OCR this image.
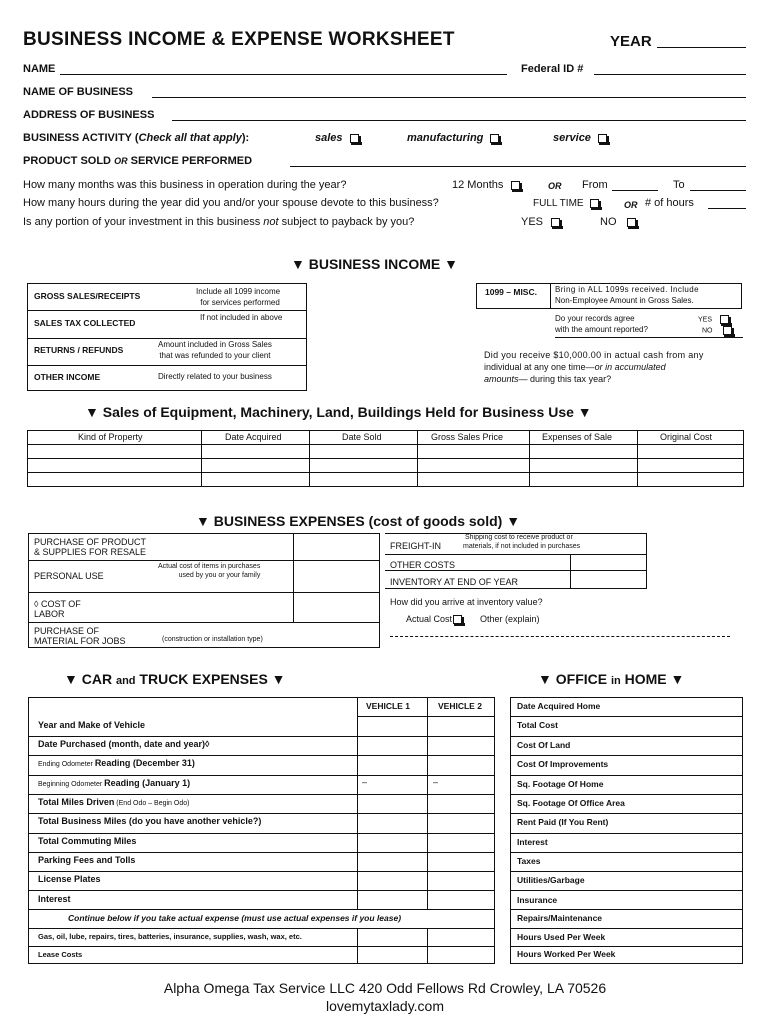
BUSINESS INCOME & EXPENSE WORKSHEET	YEAR
NAME	Federal ID #
NAME OF BUSINESS
ADDRESS OF BUSINESS
BUSINESS ACTIVITY (Check all that apply):	sales	manufacturing	service
PRODUCT SOLD OR SERVICE PERFORMED
How many months was this business in operation during the year?	12 Months	OR From	To
How many hours during the year did you and/or your spouse devote to this business?	FULL TIME	OR # of hours
Is any portion of your investment in this business not subject to payback by you?	YES	NO
▼ BUSINESS INCOME ▼
GROSS SALES/RECEIPTS	Include all 1099 income
for services performed
SALES TAX COLLECTED
If not included in above
RETURNS / REFUNDS
Amount included in Gross Sales
that was refunded to your client
OTHER INCOME	Directly related to your business
1099 – MISC. Bring in ALL 1099s received. Include
Non-Employee Amount in Gross Sales.
Do your records agree
with the amount reported?
YES
NO
Did you receive $10,000.00 in actual cash from any
individual at any one time—or in accumulated
amounts— during this tax year?
▼ Sales of Equipment, Machinery, Land, Buildings Held for Business Use ▼
Kind of Property	Date Acquired	Date Sold	Gross Sales Price	Expenses of Sale	Original Cost
▼ BUSINESS EXPENSES (cost of goods sold) ▼
PURCHASE OF PRODUCT
& SUPPLIES FOR RESALE
PERSONAL USE
Actual cost of items in purchases
used by you or your family
◊ COST OF
LABOR
PURCHASE OF
MATERIAL FOR JOBS	(construction or installation type)
FREIGHT-IN
Shipping cost to receive product or
materials, if not included in purchases
OTHER COSTS
INVENTORY AT END OF YEAR
How did you arrive at inventory value?
Actual Cost	Other (explain)
▼ CAR and TRUCK EXPENSES ▼
VEHICLE 1	VEHICLE 2
Year and Make of Vehicle
Date Purchased (month, date and year)◊
Ending Odometer Reading (December 31)
Beginning Odometer Reading (January 1)	–	–
Total Miles Driven (End Odo – Begin Odo)
Total Business Miles (do you have another vehicle?)
Total Commuting Miles
Parking Fees and Tolls
License Plates
Interest
Continue below if you take actual expense (must use actual expenses if you lease)
Gas, oil, lube, repairs, tires, batteries, insurance, supplies, wash, wax, etc.
Lease Costs
▼ OFFICE in HOME ▼
Date Acquired Home
Total Cost
Cost Of Land
Cost Of Improvements
Sq. Footage Of Home
Sq. Footage Of Office Area
Rent Paid (If You Rent)
Interest
Taxes
Utilities/Garbage
Insurance
Repairs/Maintenance
Hours Used Per Week
Hours Worked Per Week
Alpha Omega Tax Service LLC 420 Odd Fellows Rd Crowley, LA 70526
lovemytaxlady.com
